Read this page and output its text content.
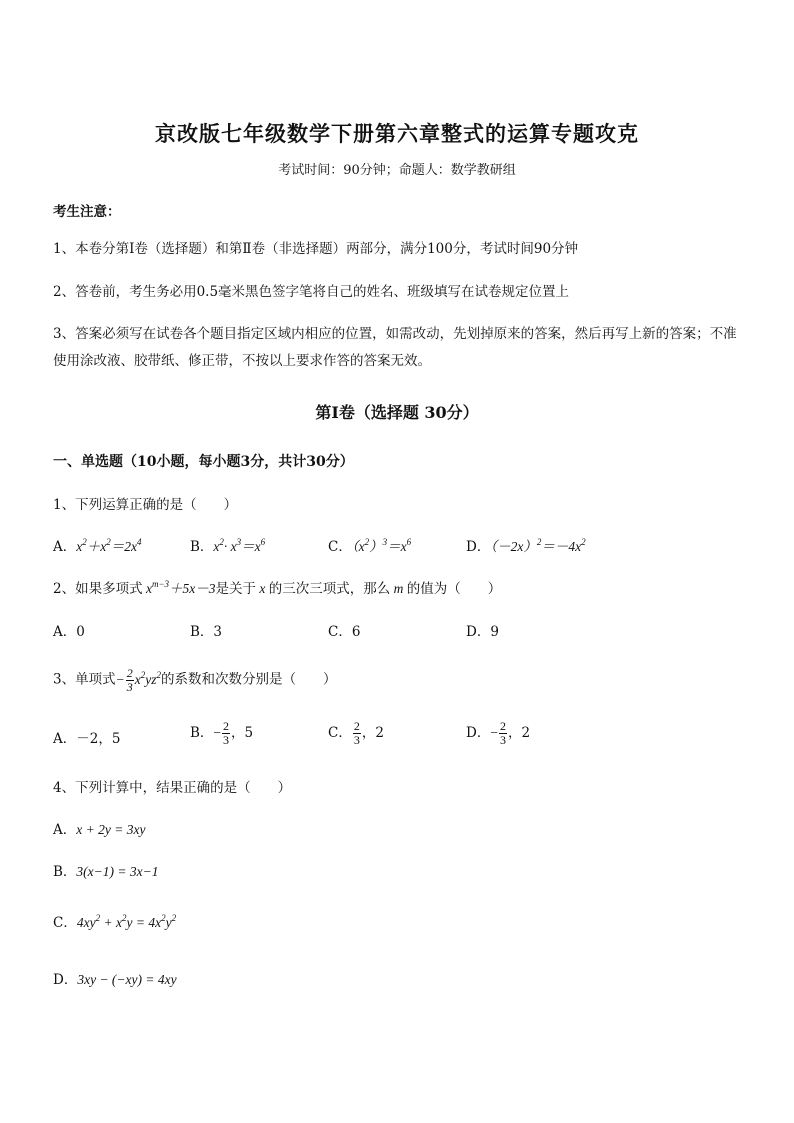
京改版七年级数学下册第六章整式的运算专题攻克
考试时间：90分钟；命题人：数学教研组
考生注意：
1、本卷分第Ⅰ卷（选择题）和第Ⅱ卷（非选择题）两部分，满分100分，考试时间90分钟
2、答卷前，考生务必用0.5毫米黑色签字笔将自己的姓名、班级填写在试卷规定位置上
3、答案必须写在试卷各个题目指定区域内相应的位置，如需改动，先划掉原来的答案，然后再写上新的答案；不准使用涂改液、胶带纸、修正带，不按以上要求作答的答案无效。
第Ⅰ卷（选择题 30分）
一、单选题（10小题，每小题3分，共计30分）
1、下列运算正确的是（　　）
A．$x^2+x^2=2x^4$	B．$x^2\cdot x^3=x^6$	C．$(x^2)^3=x^6$	D．$(-2x)^2=-4x^2$
2、如果多项式 $x^{m-3}+5x-3$是关于 x 的三次三项式，那么 m 的值为（　　）
A．0	B．3	C．6	D．9
3、单项式− $\frac{2}{3} x^2yz^2$的系数和次数分别是（　　）
A．－2，5	B．− $\frac{2}{3}$ ，5	C． $\frac{2}{3}$ ，2	D．− $\frac{2}{3}$ ，2
4、下列计算中，结果正确的是（　　）
A．x + 2y = 3xy
B．3(x−1) = 3x−1
C．$4xy^2 + x^2y = 4x^2y^2$
D．3xy − (−xy) = 4xy
